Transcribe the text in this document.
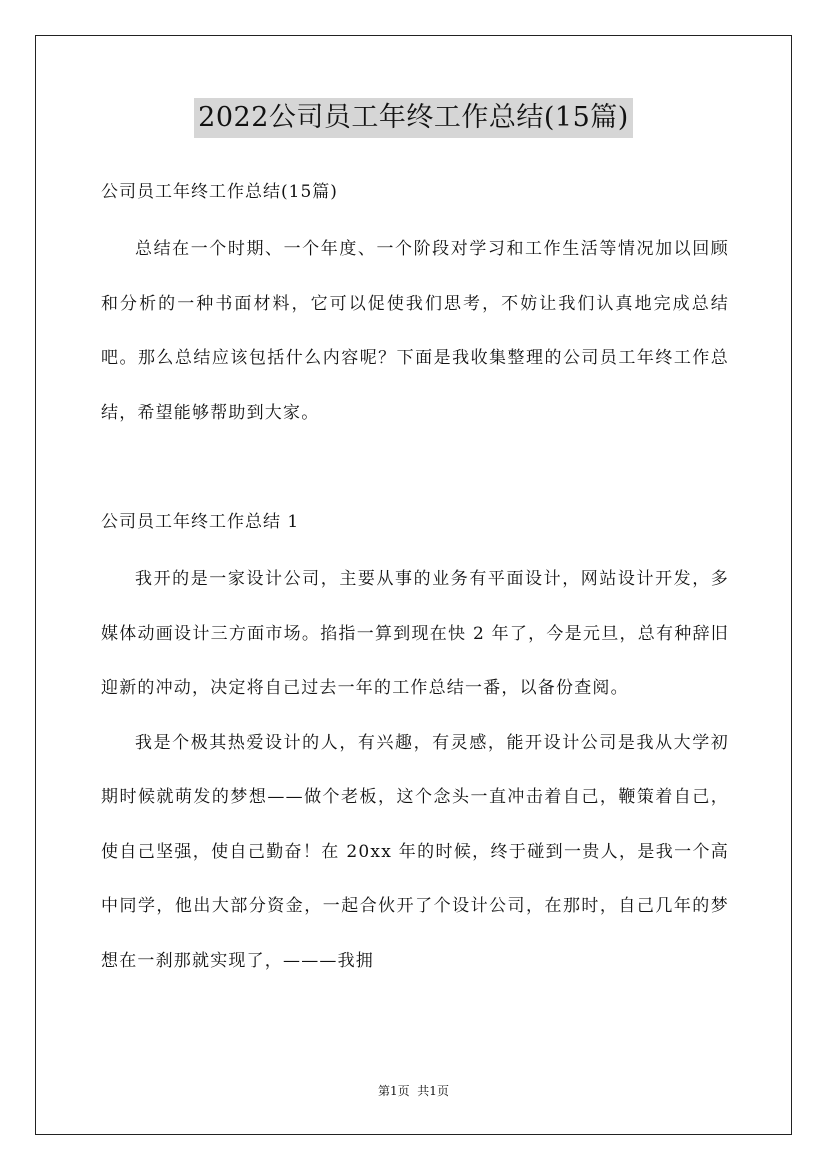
2022公司员工年终工作总结(15篇)
公司员工年终工作总结(15篇)

总结在一个时期、一个年度、一个阶段对学习和工作生活等情况加以回顾和分析的一种书面材料，它可以促使我们思考，不妨让我们认真地完成总结吧。那么总结应该包括什么内容呢？下面是我收集整理的公司员工年终工作总结，希望能够帮助到大家。

公司员工年终工作总结 1

我开的是一家设计公司，主要从事的业务有平面设计，网站设计开发，多媒体动画设计三方面市场。掐指一算到现在快 2 年了，今是元旦，总有种辞旧迎新的冲动，决定将自己过去一年的工作总结一番，以备份查阅。

我是个极其热爱设计的人，有兴趣，有灵感，能开设计公司是我从大学初期时候就萌发的梦想——做个老板，这个念头一直冲击着自己，鞭策着自己，使自己坚强，使自己勤奋！在 20xx 年的时候，终于碰到一贵人，是我一个高中同学，他出大部分资金，一起合伙开了个设计公司，在那时，自己几年的梦想在一刹那就实现了，———我拥

第1页  共1页
